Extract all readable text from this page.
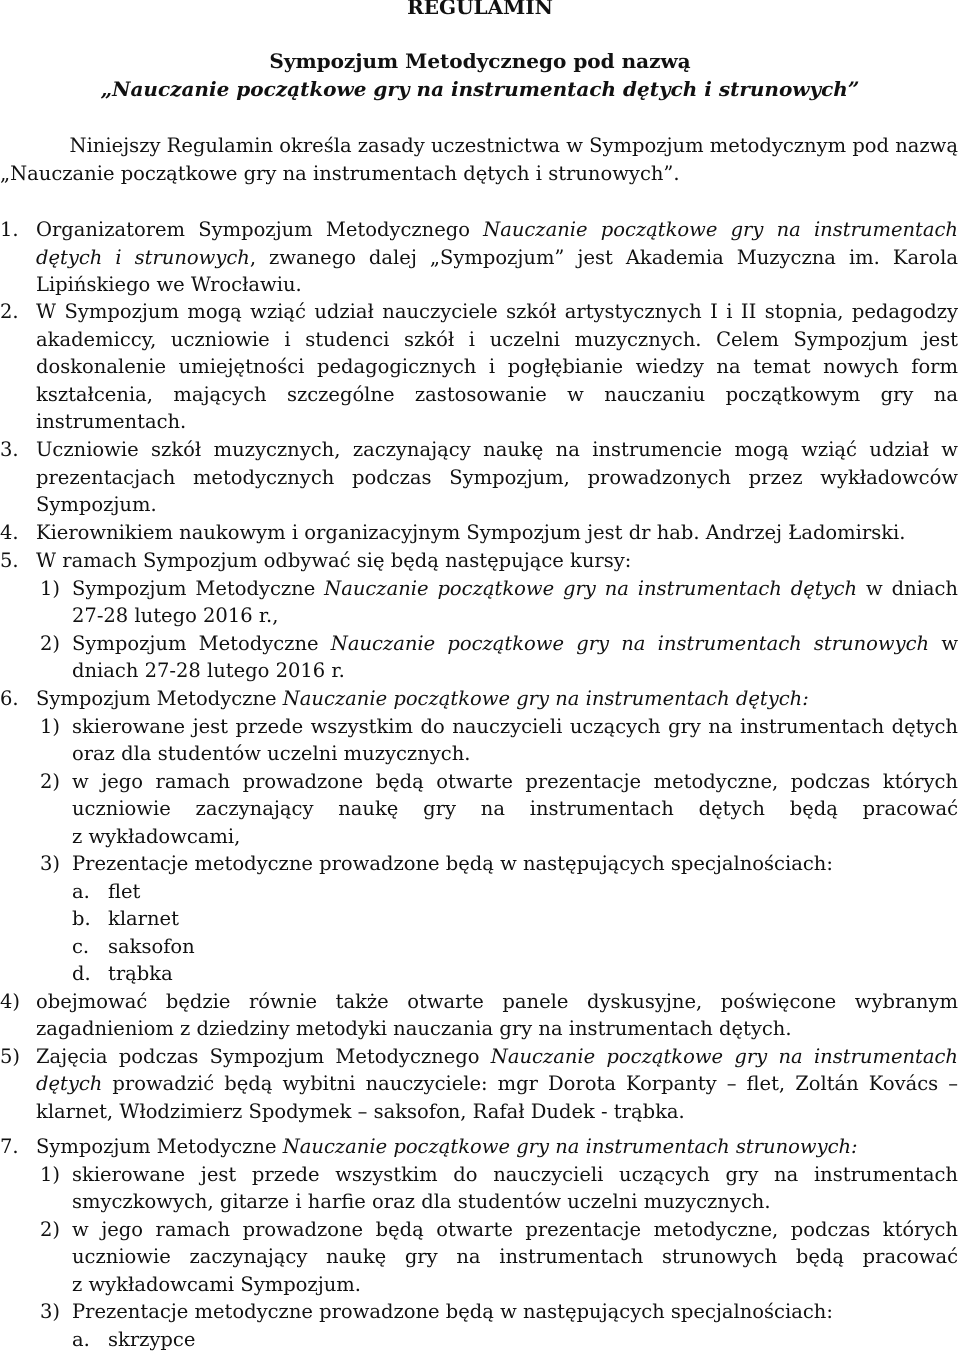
REGULAMIN
Sympozjum Metodycznego pod nazwą
„Nauczanie początkowe gry na instrumentach dętych i strunowych”
Niniejszy Regulamin określa zasady uczestnictwa w Sympozjum metodycznym pod nazwą
„Nauczanie początkowe gry na instrumentach dętych i strunowych”.
1. Organizatorem Sympozjum Metodycznego Nauczanie początkowe gry na instrumentach
dętych i strunowych, zwanego dalej „Sympozjum” jest Akademia Muzyczna im. Karola
Lipińskiego we Wrocławiu.
2. W Sympozjum mogą wziąć udział nauczyciele szkół artystycznych I i II stopnia, pedagodzy
akademiccy, uczniowie i studenci szkół i uczelni muzycznych. Celem Sympozjum jest
doskonalenie umiejętności pedagogicznych i pogłębianie wiedzy na temat nowych form
kształcenia, mających szczególne zastosowanie w nauczaniu początkowym gry na
instrumentach.
3. Uczniowie szkół muzycznych, zaczynający naukę na instrumencie mogą wziąć udział w
prezentacjach metodycznych podczas Sympozjum, prowadzonych przez wykładowców
Sympozjum.
4. Kierownikiem naukowym i organizacyjnym Sympozjum jest dr hab. Andrzej Ładomirski.
5. W ramach Sympozjum odbywać się będą następujące kursy:
1) Sympozjum Metodyczne Nauczanie początkowe gry na instrumentach dętych w dniach
27-28 lutego 2016 r.,
2) Sympozjum Metodyczne Nauczanie początkowe gry na instrumentach strunowych w
dniach 27-28 lutego 2016 r.
6. Sympozjum Metodyczne Nauczanie początkowe gry na instrumentach dętych:
1) skierowane jest przede wszystkim do nauczycieli uczących gry na instrumentach dętych
oraz dla studentów uczelni muzycznych.
2) w jego ramach prowadzone będą otwarte prezentacje metodyczne, podczas których
uczniowie zaczynający naukę gry na instrumentach dętych będą pracować
z wykładowcami,
3) Prezentacje metodyczne prowadzone będą w następujących specjalnościach:
a. flet
b. klarnet
c. saksofon
d. trąbka
4) obejmować będzie równie także otwarte panele dyskusyjne, poświęcone wybranym
zagadnieniom z dziedziny metodyki nauczania gry na instrumentach dętych.
5) Zajęcia podczas Sympozjum Metodycznego Nauczanie początkowe gry na instrumentach
dętych prowadzić będą wybitni nauczyciele: mgr Dorota Korpanty – flet, Zoltán Kovács –
klarnet, Włodzimierz Spodymek – saksofon, Rafał Dudek - trąbka.
7. Sympozjum Metodyczne Nauczanie początkowe gry na instrumentach strunowych:
1) skierowane jest przede wszystkim do nauczycieli uczących gry na instrumentach
smyczkowych, gitarze i harfie oraz dla studentów uczelni muzycznych.
2) w jego ramach prowadzone będą otwarte prezentacje metodyczne, podczas których
uczniowie zaczynający naukę gry na instrumentach strunowych będą pracować
z wykładowcami Sympozjum.
3) Prezentacje metodyczne prowadzone będą w następujących specjalnościach:
a. skrzypce
